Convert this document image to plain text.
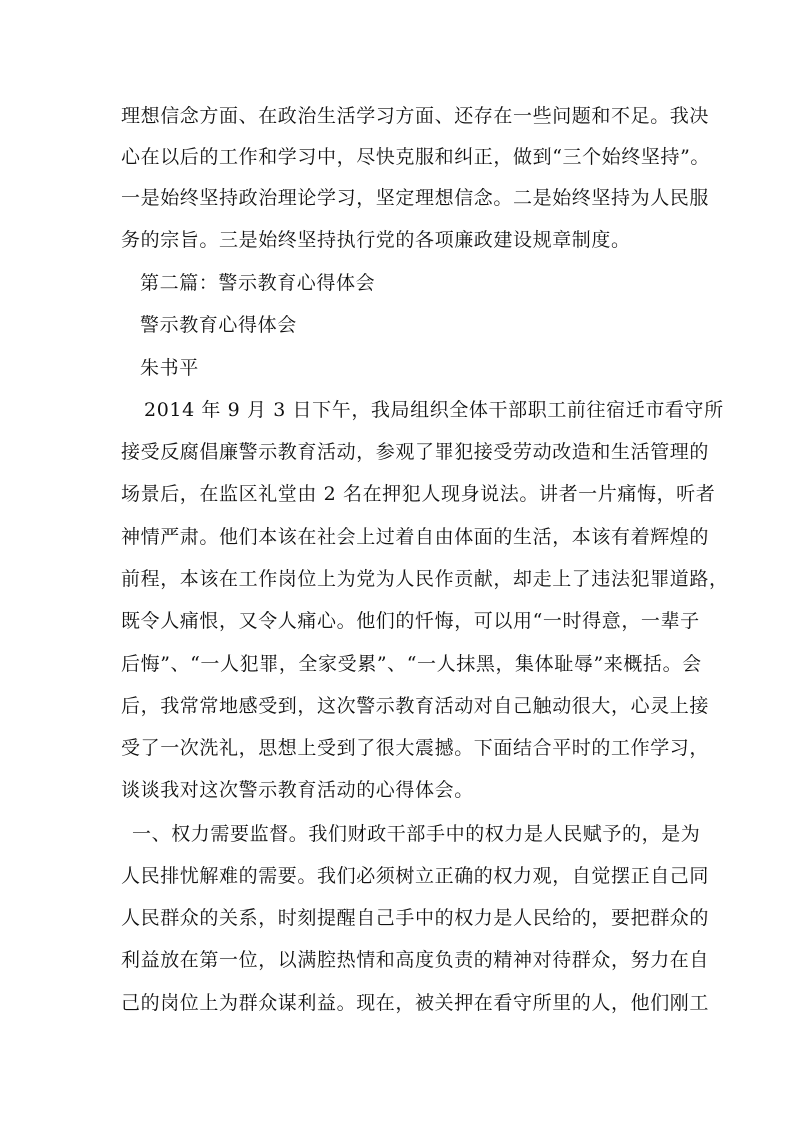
理想信念方面、在政治生活学习方面、还存在一些问题和不足。我决
心在以后的工作和学习中，尽快克服和纠正，做到“三个始终坚持”。
一是始终坚持政治理论学习，坚定理想信念。二是始终坚持为人民服
务的宗旨。三是始终坚持执行党的各项廉政建设规章制度。
第二篇：警示教育心得体会
警示教育心得体会
朱书平
2014 年 9 月 3 日下午，我局组织全体干部职工前往宿迁市看守所
接受反腐倡廉警示教育活动，参观了罪犯接受劳动改造和生活管理的
场景后，在监区礼堂由 2 名在押犯人现身说法。讲者一片痛悔，听者
神情严肃。他们本该在社会上过着自由体面的生活，本该有着辉煌的
前程，本该在工作岗位上为党为人民作贡献，却走上了违法犯罪道路，
既令人痛恨，又令人痛心。他们的忏悔，可以用“一时得意，一辈子
后悔”、“一人犯罪，全家受累”、“一人抹黑，集体耻辱”来概括。会
后，我常常地感受到，这次警示教育活动对自己触动很大，心灵上接
受了一次洗礼，思想上受到了很大震撼。下面结合平时的工作学习，
谈谈我对这次警示教育活动的心得体会。
一、权力需要监督。我们财政干部手中的权力是人民赋予的，是为
人民排忧解难的需要。我们必须树立正确的权力观，自觉摆正自己同
人民群众的关系，时刻提醒自己手中的权力是人民给的，要把群众的
利益放在第一位，以满腔热情和高度负责的精神对待群众，努力在自
己的岗位上为群众谋利益。现在，被关押在看守所里的人，他们刚工
